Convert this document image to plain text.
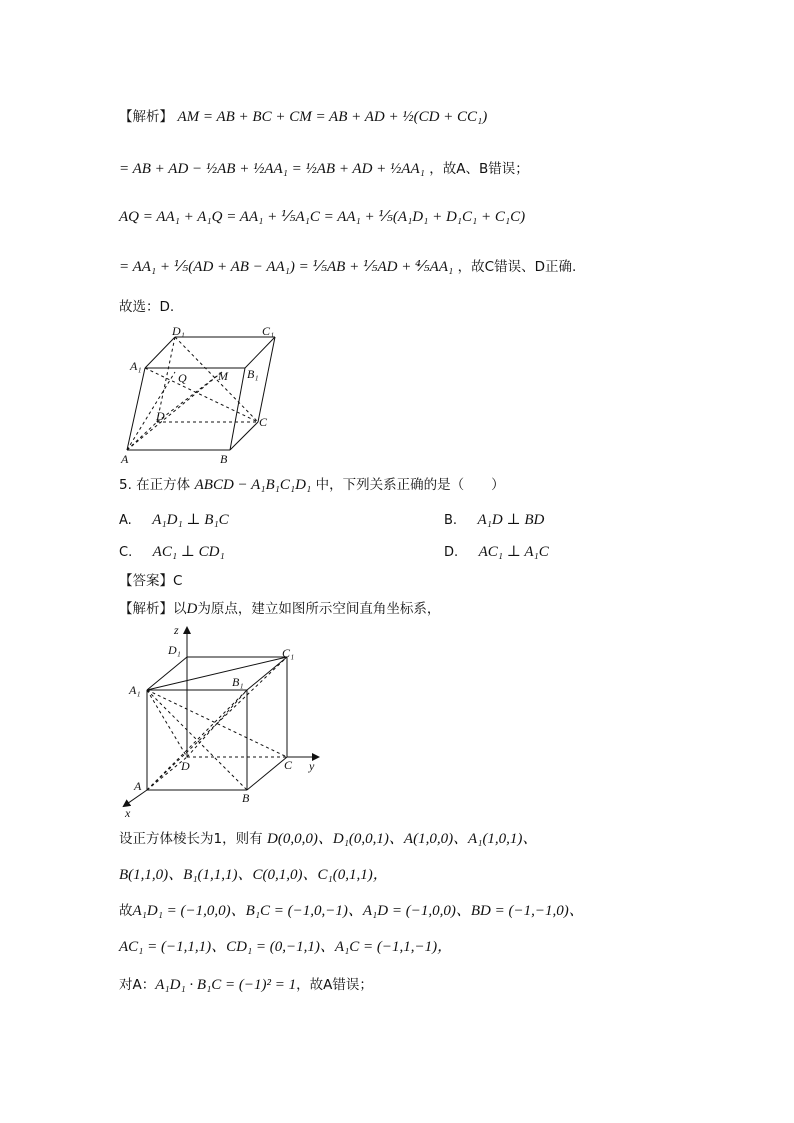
【解析】 AM = AB + BC + CM = AB + AD + ½(CD + CC₁)
= AB + AD − ½AB + ½AA₁ = ½AB + AD + ½AA₁ ，故A、B错误；
AQ = AA₁ + A₁Q = AA₁ + ⅕A₁C = AA₁ + ⅕(A₁D₁ + D₁C₁ + C₁C)
= AA₁ + ⅕(AD + AB − AA₁) = ⅕AB + ⅕AD + ⅘AA₁ ，故C错误、D正确.
故选：D.
D₁	C₁
A₁
Q	M B₁
D	C
A	B
5. 在正方体 ABCD − A₁B₁C₁D₁ 中，下列关系正确的是（　　）
A. A₁D₁ ⊥ B₁C	B. A₁D ⊥ BD
C. AC₁ ⊥ CD₁	D. AC₁ ⊥ A₁C
【答案】C
【解析】以D为原点，建立如图所示空间直角坐标系，
z
D₁	C₁
A₁
B₁
D	C y
A
B
x
设正方体棱长为1，则有 D(0,0,0)、D₁(0,0,1)、A(1,0,0)、A₁(1,0,1)、
B(1,1,0)、B₁(1,1,1)、C(0,1,0)、C₁(0,1,1)，
故A₁D₁ = (−1,0,0)、B₁C = (−1,0,−1)、A₁D = (−1,0,0)、BD = (−1,−1,0)、
AC₁ = (−1,1,1)、CD₁ = (0,−1,1)、A₁C = (−1,1,−1)，
对A：A₁D₁ · B₁C = (−1)² = 1，故A错误；
